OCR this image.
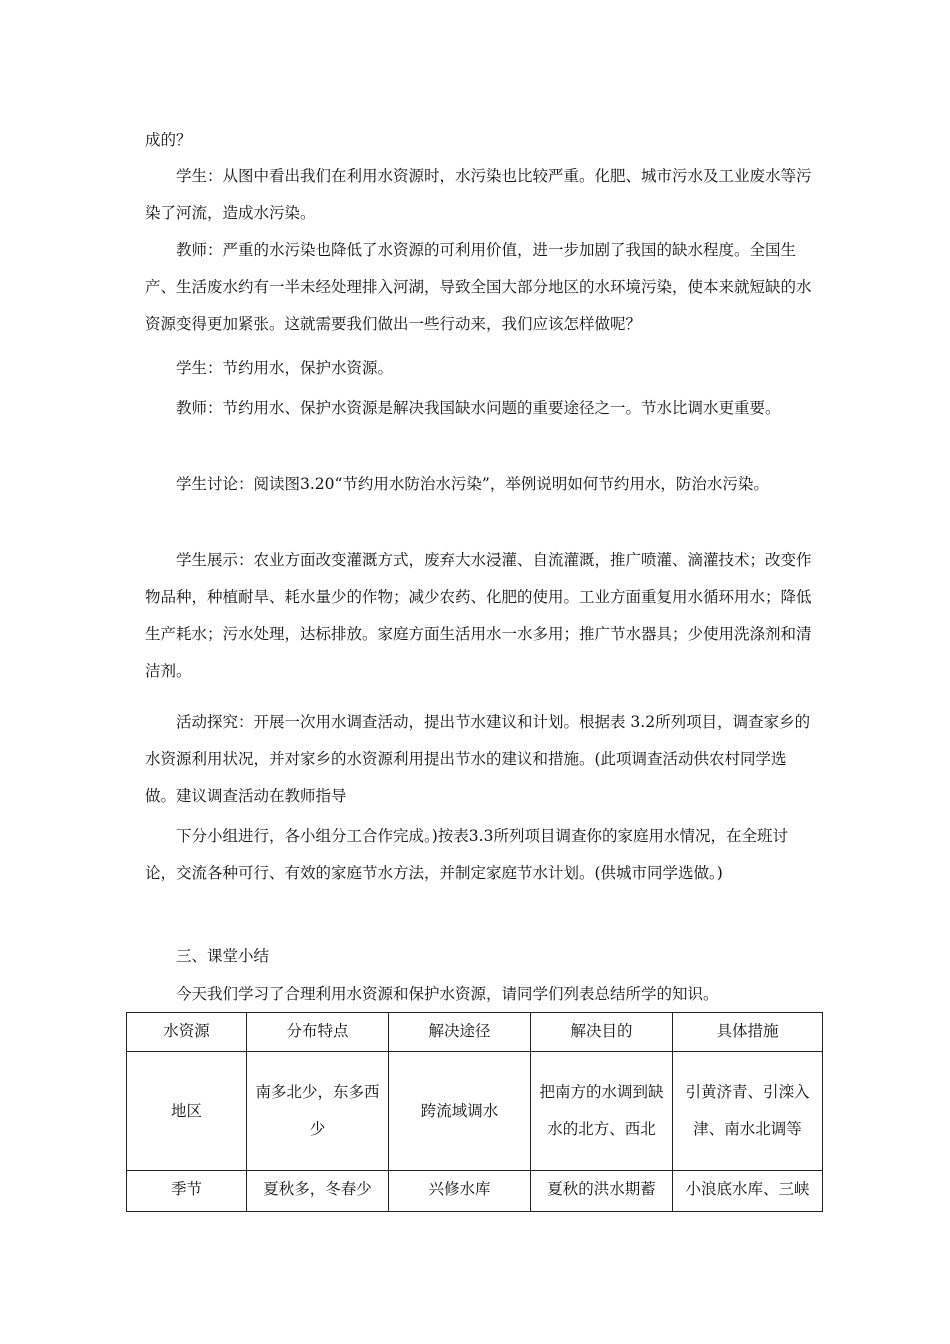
成的？

学生：从图中看出我们在利用水资源时，水污染也比较严重。化肥、城市污水及工业废水等污染了河流，造成水污染。

教师：严重的水污染也降低了水资源的可利用价值，进一步加剧了我国的缺水程度。全国生产、生活废水约有一半未经处理排入河湖，导致全国大部分地区的水环境污染，使本来就短缺的水资源变得更加紧张。这就需要我们做出一些行动来，我们应该怎样做呢？

学生：节约用水，保护水资源。

教师：节约用水、保护水资源是解决我国缺水问题的重要途径之一。节水比调水更重要。

学生讨论：阅读图3.20“节约用水防治水污染”，举例说明如何节约用水，防治水污染。

学生展示：农业方面改变灌溉方式，废弃大水浸灌、自流灌溉，推广喷灌、滴灌技术；改变作物品种，种植耐旱、耗水量少的作物；减少农药、化肥的使用。工业方面重复用水循环用水；降低生产耗水；污水处理，达标排放。家庭方面生活用水一水多用；推广节水器具；少使用洗涤剂和清洁剂。

活动探究：开展一次用水调查活动，提出节水建议和计划。根据表 3.2所列项目，调查家乡的水资源利用状况，并对家乡的水资源利用提出节水的建议和措施。(此项调查活动供农村同学选做。建议调查活动在教师指导

下分小组进行，各小组分工合作完成。)按表3.3所列项目调查你的家庭用水情况，在全班讨论，交流各种可行、有效的家庭节水方法，并制定家庭节水计划。(供城市同学选做。)

三、课堂小结

今天我们学习了合理利用水资源和保护水资源，请同学们列表总结所学的知识。

水资源	分布特点	解决途径	解决目的	具体措施
地区	南多北少，东多西少	跨流域调水	把南方的水调到缺水的北方、西北	引黄济青、引滦入津、南水北调等
季节	夏秋多，冬春少	兴修水库	夏秋的洪水期蓄	小浪底水库、三峡
